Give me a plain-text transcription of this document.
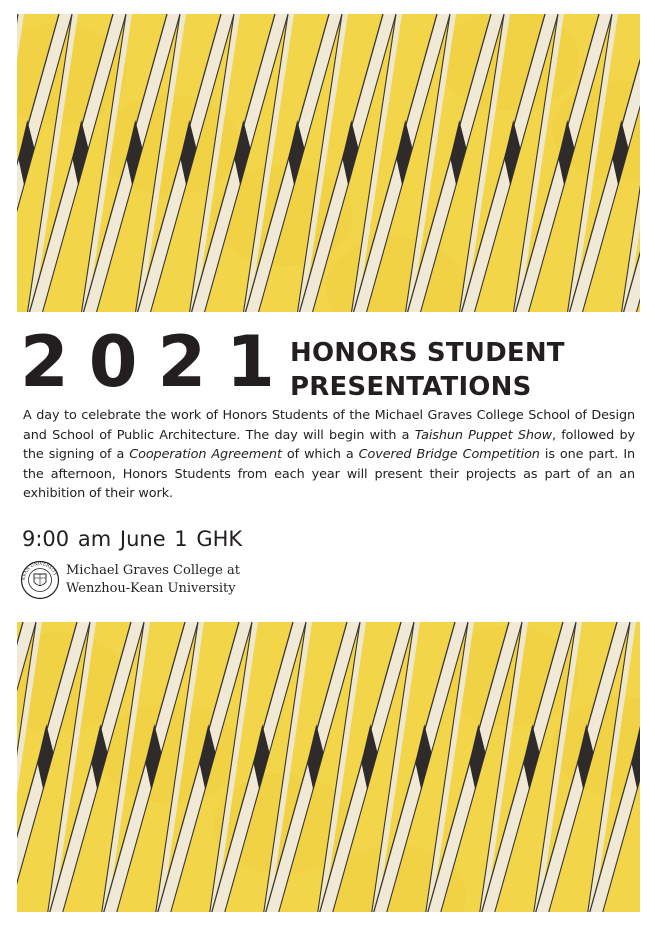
2021
HONORS STUDENT
PRESENTATIONS
A day to celebrate the work of Honors Students of the Michael Graves College School of Design and School of Public Architecture. The day will begin with a Taishun Puppet Show, followed by the signing of a Cooperation Agreement of which a Covered Bridge Competition is one part. In the afternoon, Honors Students from each year will present their projects as part of an an exhibition of their work.
9:00 am June 1 GHK
KEAN UNIVERSITY Michael Graves College at
Wenzhou-Kean University
